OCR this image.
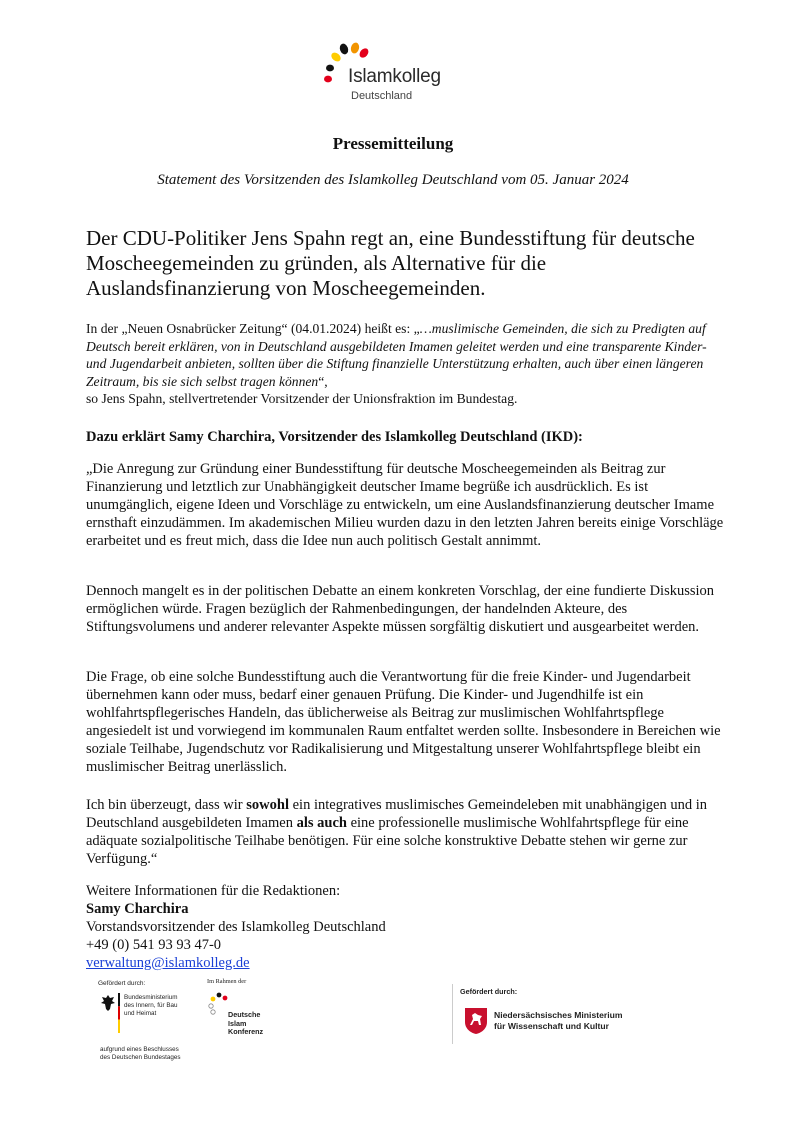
Islamkolleg
Deutschland
Pressemitteilung
Statement des Vorsitzenden des Islamkolleg Deutschland vom 05. Januar 2024
Der CDU-Politiker Jens Spahn regt an, eine Bundesstiftung für deutsche Moscheegemeinden zu gründen, als Alternative für die Auslandsfinanzierung von Moscheegemeinden.
In der „Neuen Osnabrücker Zeitung“ (04.01.2024) heißt es: „…muslimische Gemeinden, die sich zu Predigten auf Deutsch bereit erklären, von in Deutschland ausgebildeten Imamen geleitet werden und eine transparente Kinder- und Jugendarbeit anbieten, sollten über die Stiftung finanzielle Unterstützung erhalten, auch über einen längeren Zeitraum, bis sie sich selbst tragen können“,
so Jens Spahn, stellvertretender Vorsitzender der Unionsfraktion im Bundestag.
Dazu erklärt Samy Charchira, Vorsitzender des Islamkolleg Deutschland (IKD):
„Die Anregung zur Gründung einer Bundesstiftung für deutsche Moscheegemeinden als Beitrag zur Finanzierung und letztlich zur Unabhängigkeit deutscher Imame begrüße ich ausdrücklich. Es ist unumgänglich, eigene Ideen und Vorschläge zu entwickeln, um eine Auslandsfinanzierung deutscher Imame ernsthaft einzudämmen. Im akademischen Milieu wurden dazu in den letzten Jahren bereits einige Vorschläge erarbeitet und es freut mich, dass die Idee nun auch politisch Gestalt annimmt.
Dennoch mangelt es in der politischen Debatte an einem konkreten Vorschlag, der eine fundierte Diskussion ermöglichen würde. Fragen bezüglich der Rahmenbedingungen, der handelnden Akteure, des Stiftungsvolumens und anderer relevanter Aspekte müssen sorgfältig diskutiert und ausgearbeitet werden.
Die Frage, ob eine solche Bundesstiftung auch die Verantwortung für die freie Kinder- und Jugendarbeit übernehmen kann oder muss, bedarf einer genauen Prüfung. Die Kinder- und Jugendhilfe ist ein wohlfahrtspflegerisches Handeln, das üblicherweise als Beitrag zur muslimischen Wohlfahrtspflege angesiedelt ist und vorwiegend im kommunalen Raum entfaltet werden sollte. Insbesondere in Bereichen wie soziale Teilhabe, Jugendschutz vor Radikalisierung und Mitgestaltung unserer Wohlfahrtspflege bleibt ein muslimischer Beitrag unerlässlich.
Ich bin überzeugt, dass wir sowohl ein integratives muslimisches Gemeindeleben mit unabhängigen und in Deutschland ausgebildeten Imamen als auch eine professionelle muslimische Wohlfahrtspflege für eine adäquate sozialpolitische Teilhabe benötigen. Für eine solche konstruktive Debatte stehen wir gerne zur Verfügung.“
Weitere Informationen für die Redaktionen:
Samy Charchira
Vorstandsvorsitzender des Islamkolleg Deutschland
+49 (0) 541 93 93 47-0
verwaltung@islamkolleg.de
Gefördert durch:
Bundesministerium
des Innern, für Bau
und Heimat
aufgrund eines Beschlusses
des Deutschen Bundestages
Im Rahmen der
Deutsche
Islam
Konferenz
Gefördert durch:
Niedersächsisches Ministerium
für Wissenschaft und Kultur
